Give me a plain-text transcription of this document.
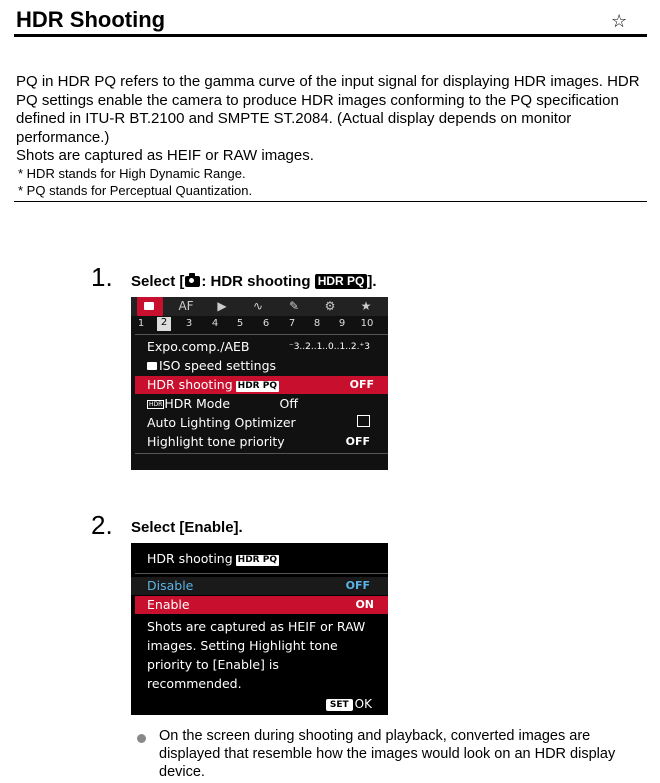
HDR Shooting	☆

PQ in HDR PQ refers to the gamma curve of the input signal for displaying HDR images. HDR PQ settings enable the camera to produce HDR images conforming to the PQ specification defined in ITU-R BT.2100 and SMPTE ST.2084. (Actual display depends on monitor performance.)

Shots are captured as HEIF or RAW images.

* HDR stands for High Dynamic Range.
* PQ stands for Perceptual Quantization.
1. Select [ : HDR shooting HDR PQ ].
AF	▶	∿	✎	⚙	★
1	2	3	4	5	6	7	8	9	10
Expo.comp./AEB	⁻3..2..1..0..1..2.⁺3
ISO speed settings
HDR shooting HDR PQ	OFF
HDR HDR Mode	Off
Auto Lighting Optimizer
Highlight tone priority	OFF
2. Select [Enable].
HDR shooting HDR PQ
Disable	OFF
Enable	ON
Shots are captured as HEIF or RAW images. Setting Highlight tone priority to [Enable] is recommended.
SET OK
On the screen during shooting and playback, converted images are displayed that resemble how the images would look on an HDR display device.
